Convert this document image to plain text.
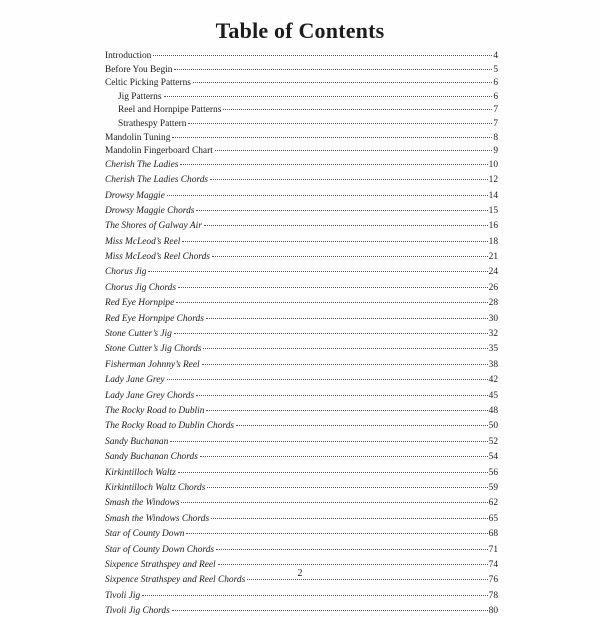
Table of Contents
Introduction	4
Before You Begin	5
Celtic Picking Patterns	6
Jig Patterns	6
Reel and Hornpipe Patterns	7
Strathespy Pattern	7
Mandolin Tuning	8
Mandolin Fingerboard Chart	9
Cherish The Ladies	10
Cherish The Ladies Chords	12
Drowsy Maggie	14
Drowsy Maggie Chords	15
The Shores of Galway Air	16
Miss McLeod’s Reel	18
Miss McLeod’s Reel Chords	21
Chorus Jig	24
Chorus Jig Chords	26
Red Eye Hornpipe	28
Red Eye Hornpipe Chords	30
Stone Cutter’s Jig	32
Stone Cutter’s Jig Chords	35
Fisherman Johnny’s Reel	38
Lady Jane Grey	42
Lady Jane Grey Chords	45
The Rocky Road to Dublin	48
The Rocky Road to Dublin Chords	50
Sandy Buchanan	52
Sandy Buchanan Chords	54
Kirkintilloch Waltz	56
Kirkintilloch Waltz Chords	59
Smash the Windows	62
Smash the Windows Chords	65
Star of County Down	68
Star of County Down Chords	71
Sixpence Strathspey and Reel	74
Sixpence Strathspey and Reel Chords	76
Tivoli Jig	78
Tivoli Jig Chords	80
2
